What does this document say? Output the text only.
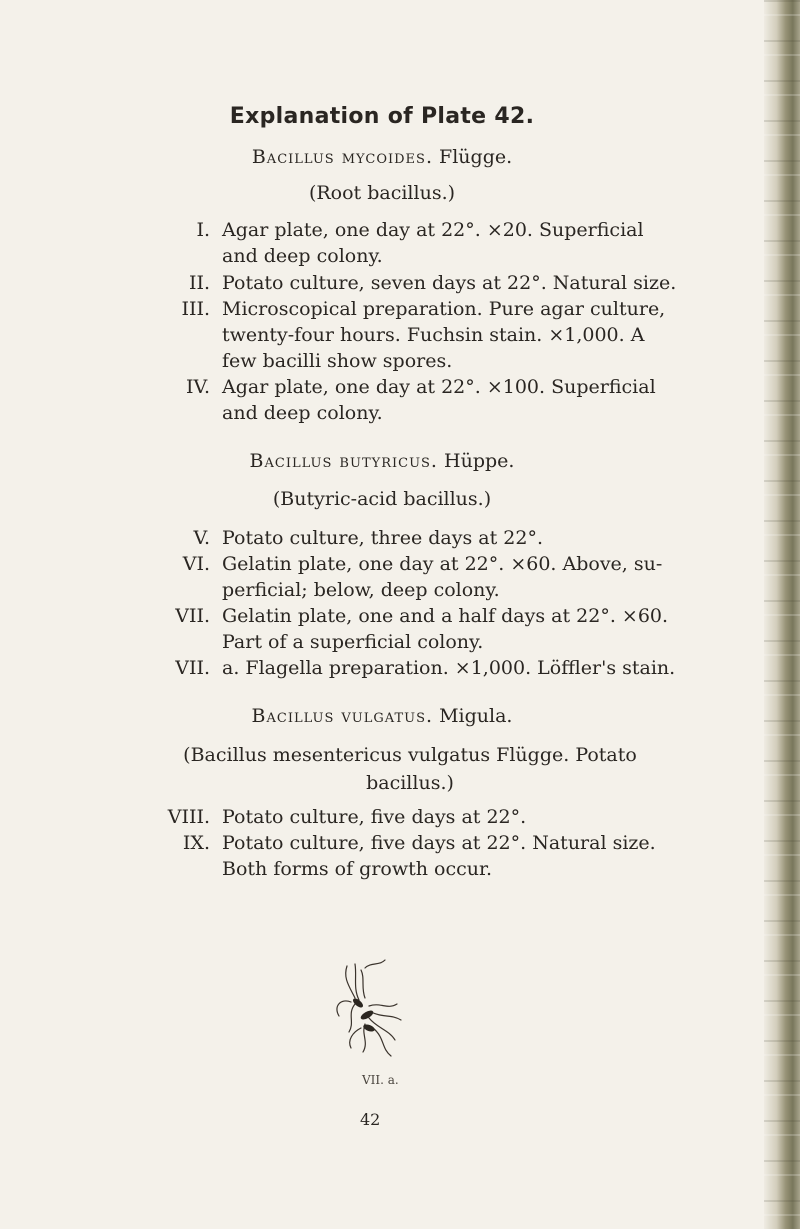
Explanation of Plate 42.
Bacillus mycoides. Flügge.
(Root bacillus.)
I. Agar plate, one day at 22°. ×20. Superficial
and deep colony.
II. Potato culture, seven days at 22°. Natural size.
III. Microscopical preparation. Pure agar culture,
twenty-four hours. Fuchsin stain. ×1,000. A
few bacilli show spores.
IV. Agar plate, one day at 22°. ×100. Superficial
and deep colony.
Bacillus butyricus. Hüppe.
(Butyric-acid bacillus.)
V. Potato culture, three days at 22°.
VI. Gelatin plate, one day at 22°. ×60. Above, su-
perficial; below, deep colony.
VII. Gelatin plate, one and a half days at 22°. ×60.
Part of a superficial colony.
VII. a. Flagella preparation. ×1,000. Löffler's stain.
Bacillus vulgatus. Migula.
(Bacillus mesentericus vulgatus Flügge. Potato
bacillus.)
VIII. Potato culture, five days at 22°.
IX. Potato culture, five days at 22°. Natural size.
Both forms of growth occur.
VII. a.
42
